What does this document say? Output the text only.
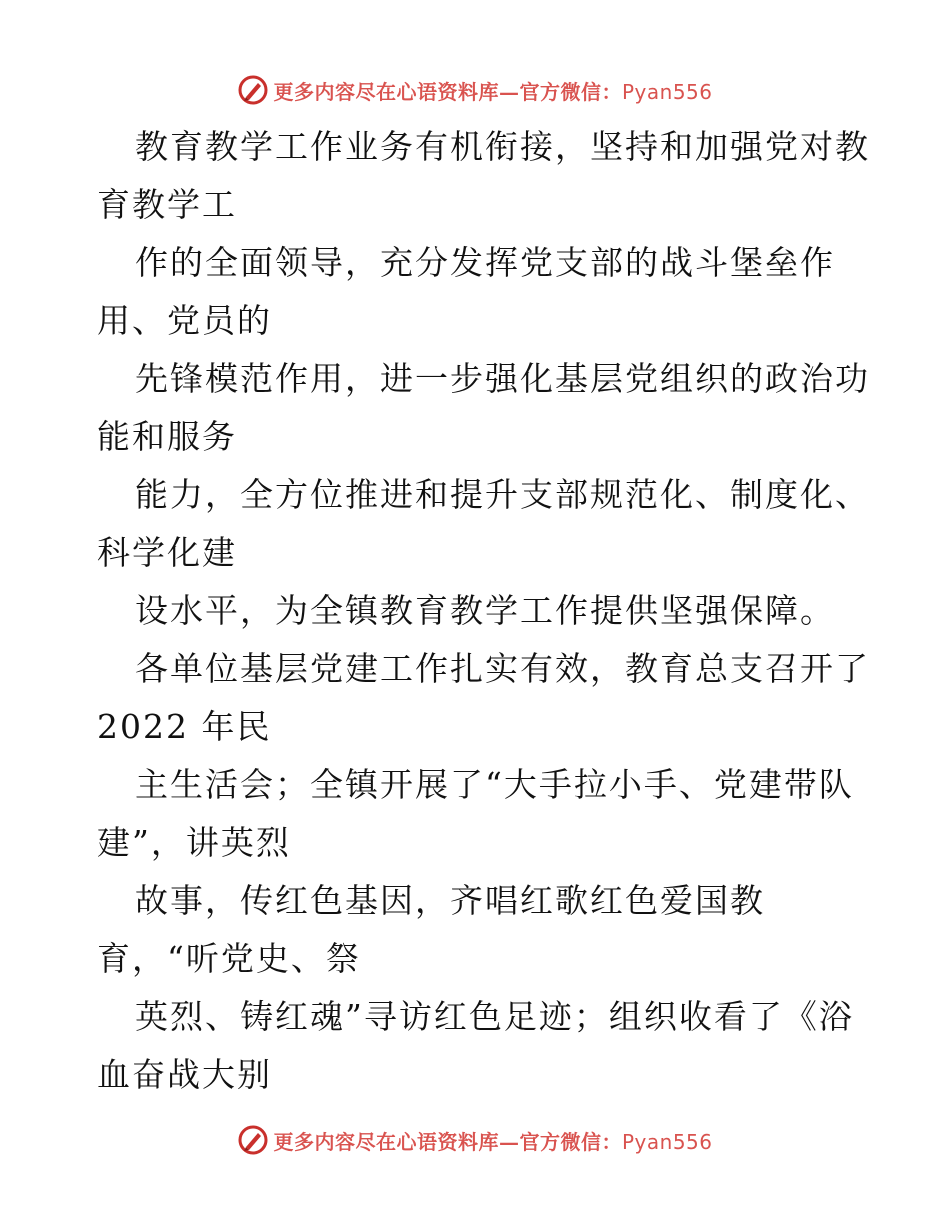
更多内容尽在心语资料库—官方微信：Pyan556
教育教学工作业务有机衔接，坚持和加强党对教
育教学工
作的全面领导，充分发挥党支部的战斗堡垒作
用、党员的
先锋模范作用，进一步强化基层党组织的政治功
能和服务
能力，全方位推进和提升支部规范化、制度化、
科学化建
设水平，为全镇教育教学工作提供坚强保障。
各单位基层党建工作扎实有效，教育总支召开了
2022 年民
主生活会；全镇开展了“大手拉小手、党建带队
建”，讲英烈
故事，传红色基因，齐唱红歌红色爱国教
育，“听党史、祭
英烈、铸红魂”寻访红色足迹；组织收看了《浴
血奋战大别
更多内容尽在心语资料库—官方微信：Pyan556
